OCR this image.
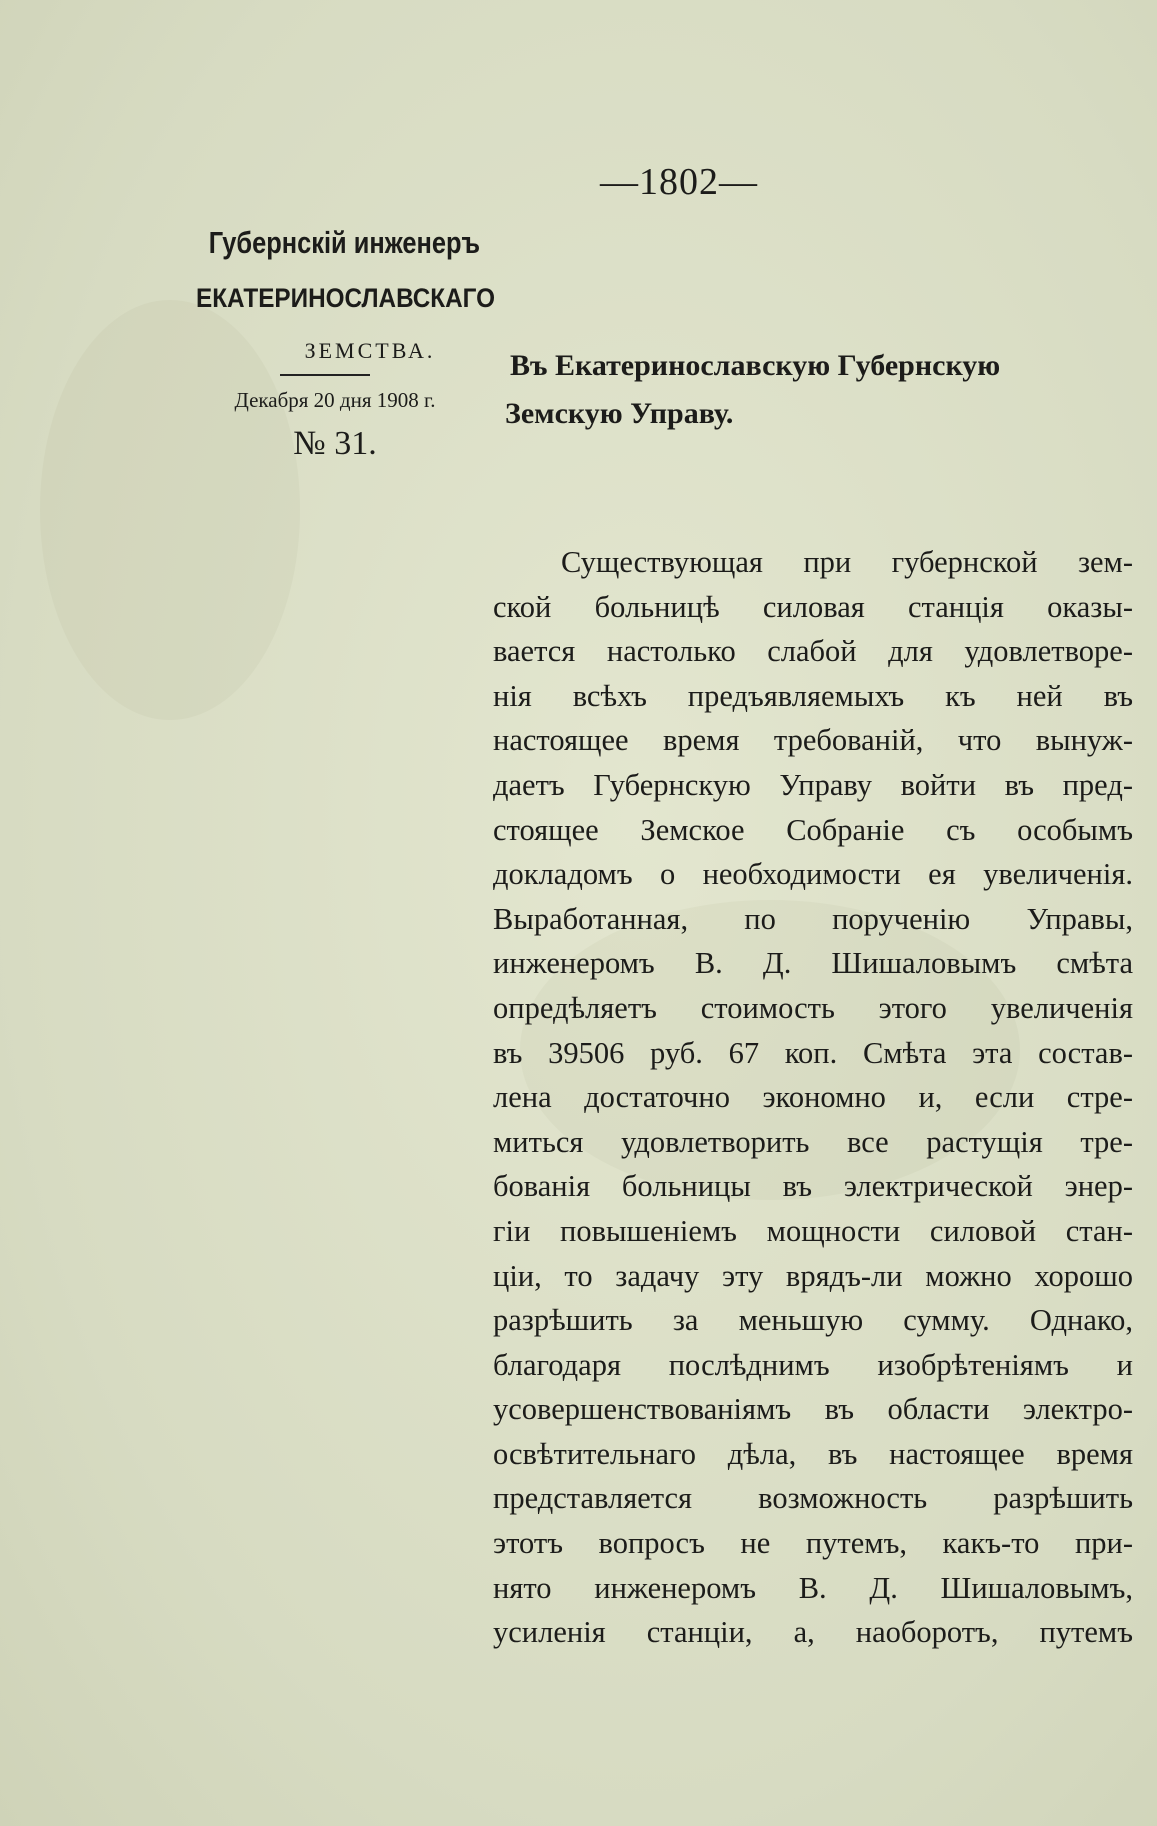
—1802—
Губернскій инженеръ
ЕКАТЕРИНОСЛАВСКАГО
ЗЕМСТВА.
Декабря 20 дня 1908 г.
№ 31.
Въ Екатеринославскую Губернскую
Земскую Управу.
Существующая при губернской зем-
ской больницѣ силовая станція оказы-
вается настолько слабой для удовлетворе-
нія всѣхъ предъявляемыхъ къ ней въ
настоящее время требованій, что вынуж-
даетъ Губернскую Управу войти въ пред-
стоящее Земское Собраніе съ особымъ
докладомъ о необходимости ея увеличенія.
Выработанная, по порученію Управы,
инженеромъ В. Д. Шишаловымъ смѣта
опредѣляетъ стоимость этого увеличенія
въ 39506 руб. 67 коп. Смѣта эта состав-
лена достаточно экономно и, если стре-
миться удовлетворить все растущія тре-
бованія больницы въ электрической энер-
гіи повышеніемъ мощности силовой стан-
ціи, то задачу эту врядъ-ли можно хорошо
разрѣшить за меньшую сумму. Однако,
благодаря послѣднимъ изобрѣтеніямъ и
усовершенствованіямъ въ области электро-
освѣтительнаго дѣла, въ настоящее время
представляется возможность разрѣшить
этотъ вопросъ не путемъ, какъ-то при-
нято инженеромъ В. Д. Шишаловымъ,
усиленія станціи, а, наоборотъ, путемъ
